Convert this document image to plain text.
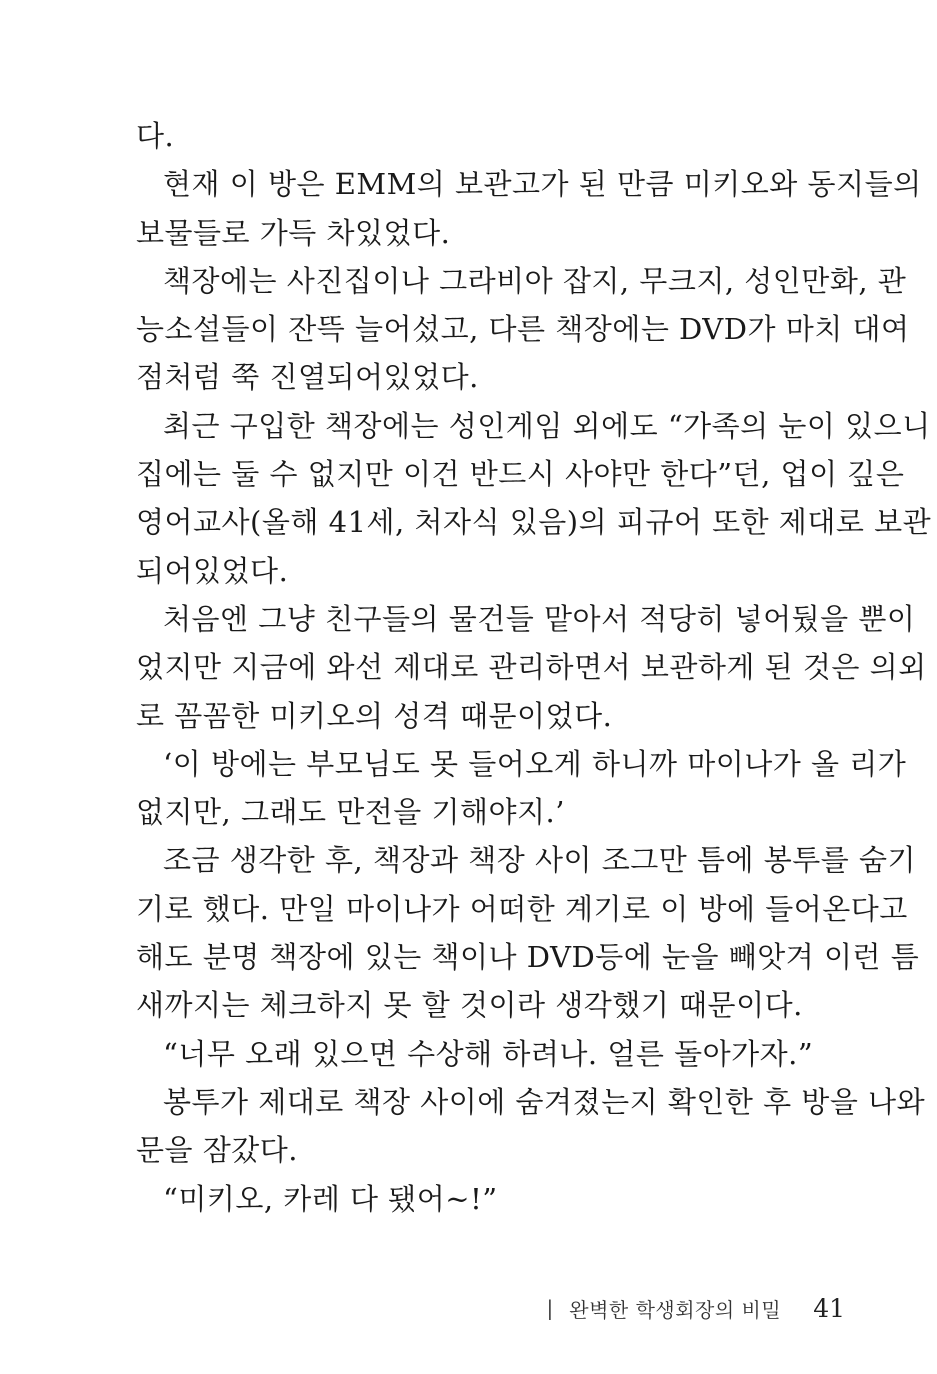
다.
현재 이 방은 EMM의 보관고가 된 만큼 미키오와 동지들의
보물들로 가득 차있었다.
책장에는 사진집이나 그라비아 잡지, 무크지, 성인만화, 관
능소설들이 잔뜩 늘어섰고, 다른 책장에는 DVD가 마치 대여
점처럼 쭉 진열되어있었다.
최근 구입한 책장에는 성인게임 외에도 “가족의 눈이 있으니
집에는 둘 수 없지만 이건 반드시 사야만 한다”던, 업이 깊은
영어교사(올해 41세, 처자식 있음)의 피규어 또한 제대로 보관
되어있었다.
처음엔 그냥 친구들의 물건들 맡아서 적당히 넣어뒀을 뿐이
었지만 지금에 와선 제대로 관리하면서 보관하게 된 것은 의외
로 꼼꼼한 미키오의 성격 때문이었다.
‘이 방에는 부모님도 못 들어오게 하니까 마이나가 올 리가
없지만, 그래도 만전을 기해야지.’
조금 생각한 후, 책장과 책장 사이 조그만 틈에 봉투를 숨기
기로 했다. 만일 마이나가 어떠한 계기로 이 방에 들어온다고
해도 분명 책장에 있는 책이나 DVD등에 눈을 빼앗겨 이런 틈
새까지는 체크하지 못 할 것이라 생각했기 때문이다.
“너무 오래 있으면 수상해 하려나. 얼른 돌아가자.”
봉투가 제대로 책장 사이에 숨겨졌는지 확인한 후 방을 나와
문을 잠갔다.
“미키오, 카레 다 됐어~!”
| 완벽한 학생회장의 비밀 41
